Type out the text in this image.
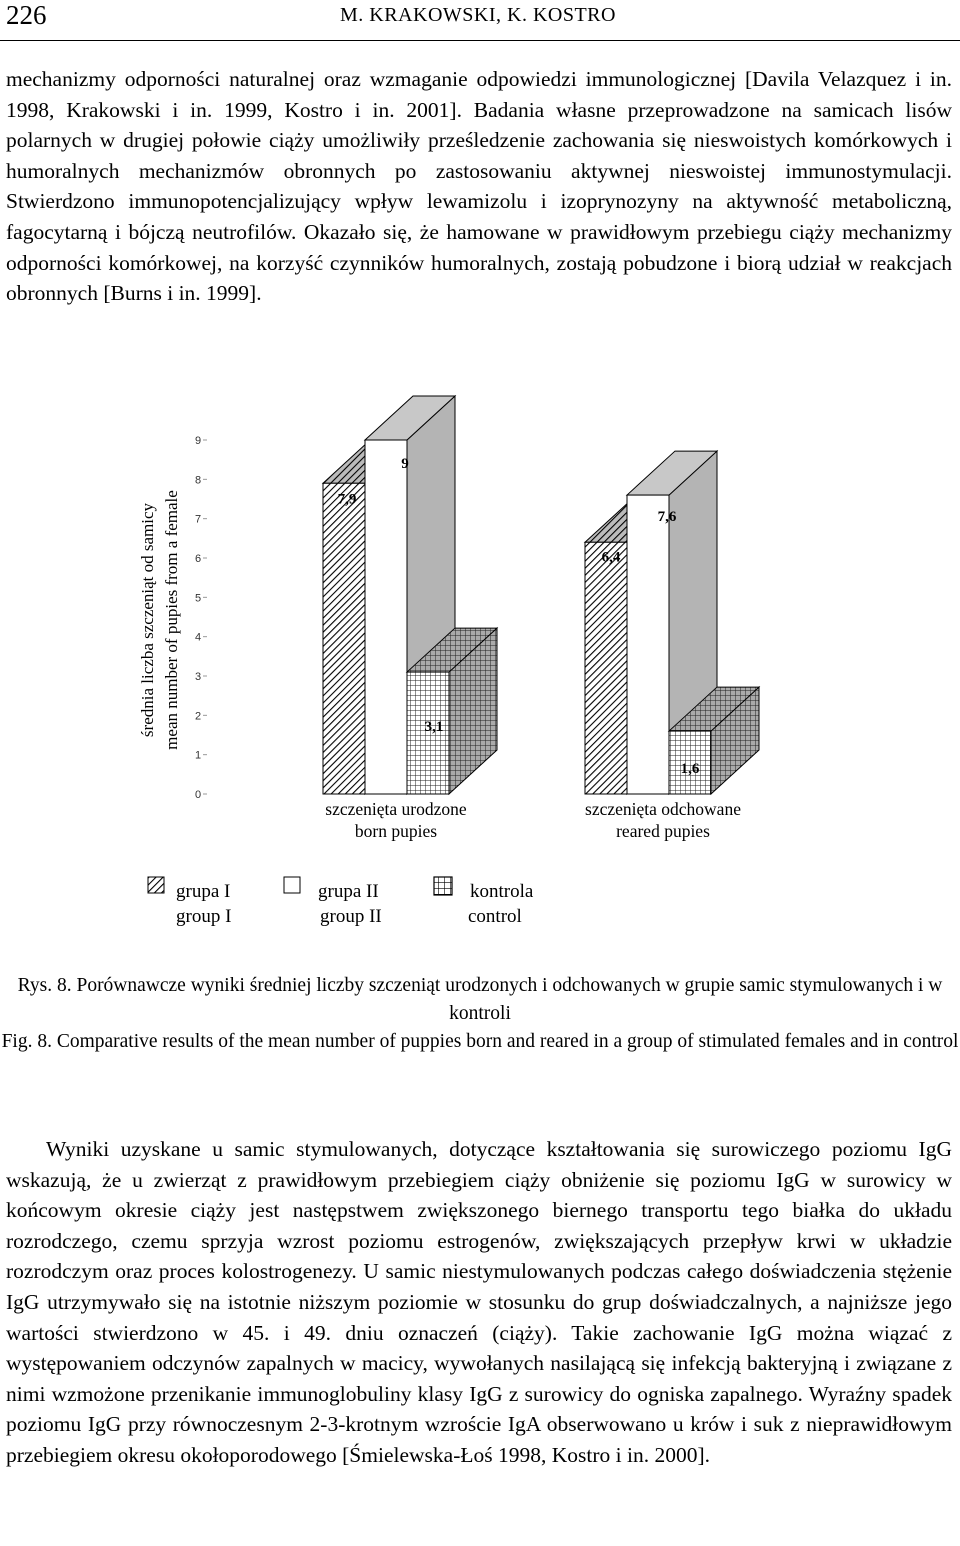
226	M. KRAKOWSKI, K. KOSTRO

mechanizmy odporności naturalnej oraz wzmaganie odpowiedzi immunologicznej [Davila Velazquez i in. 1998, Krakowski i in. 1999, Kostro i in. 2001]. Badania własne przeprowadzone na samicach lisów polarnych w drugiej połowie ciąży umożliwiły prześledzenie zachowania się nieswoistych komórkowych i humoralnych mechanizmów obronnych po zastosowaniu aktywnej nieswoistej immunostymulacji. Stwierdzono immunopotencjalizujący wpływ lewamizolu i izoprynozyny na aktywność metaboliczną, fagocytarną i bójczą neutrofilów. Okazało się, że hamowane w prawidłowym przebiegu ciąży mechanizmy odporności komórkowej, na korzyść czynników humoralnych, zostają pobudzone i biorą udział w reakcjach obronnych [Burns i in. 1999].

0
1
2
3
4
5
6
7
8
9
7,9
6,4
9
7,6
3,1
1,6
średnia liczba szczeniąt od samicy mean number of pupies from a female
szczenięta urodzone
born pupies
szczenięta odchowane
reared pupies
grupa I
group I
grupa II
group II
kontrola
control

Rys. 8. Porównawcze wyniki średniej liczby szczeniąt urodzonych i odchowanych w grupie samic stymulowanych i w kontroli

Fig. 8. Comparative results of the mean number of puppies born and reared in a group of stimulated females and in control

Wyniki uzyskane u samic stymulowanych, dotyczące kształtowania się surowiczego poziomu IgG wskazują, że u zwierząt z prawidłowym przebiegiem ciąży obniżenie się poziomu IgG w surowicy w końcowym okresie ciąży jest następstwem zwiększonego biernego transportu tego białka do układu rozrodczego, czemu sprzyja wzrost poziomu estrogenów, zwiększających przepływ krwi w układzie rozrodczym oraz proces kolostrogenezy. U samic niestymulowanych podczas całego doświadczenia stężenie IgG utrzymywało się na istotnie niższym poziomie w stosunku do grup doświadczalnych, a najniższe jego wartości stwierdzono w 45. i 49. dniu oznaczeń (ciąży). Takie zachowanie IgG można wiązać z występowaniem odczynów zapalnych w macicy, wywołanych nasilającą się infekcją bakteryjną i związane z nimi wzmożone przenikanie immunoglobuliny klasy IgG z surowicy do ogniska zapalnego. Wyraźny spadek poziomu IgG przy równoczesnym 2-3-krotnym wzroście IgA obserwowano u krów i suk z nieprawidłowym przebiegiem okresu okołoporodowego [Śmielewska-Łoś 1998, Kostro i in. 2000].
